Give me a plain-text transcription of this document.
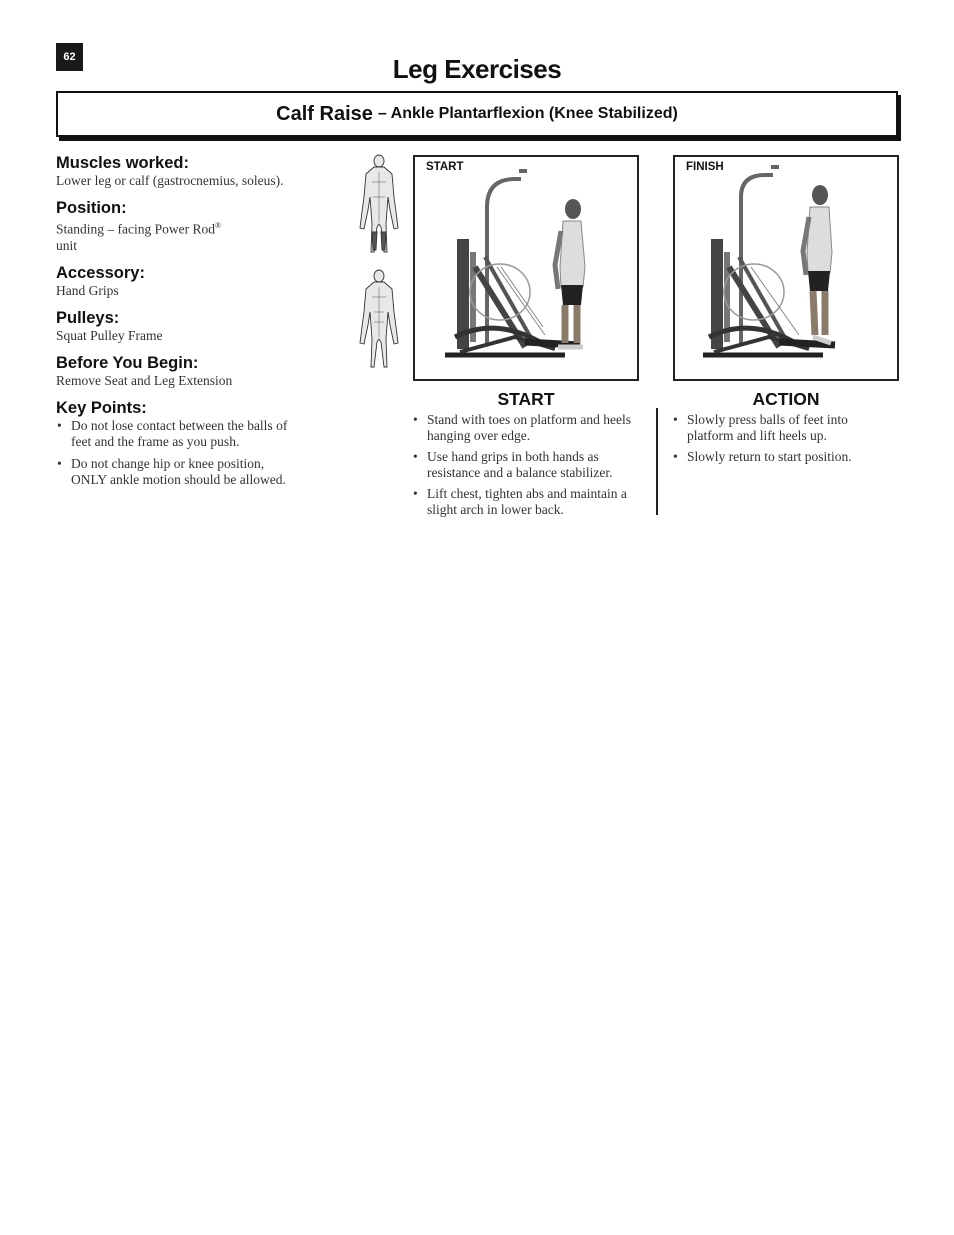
62	Leg Exercises
Calf Raise – Ankle Plantarflexion (Knee Stabilized)
Muscles worked:

Lower leg or calf (gastrocnemius, soleus).

Position:

Standing – facing Power Rod®
unit

Accessory:

Hand Grips

Pulleys:

Squat Pulley Frame

Before You Begin:

Remove Seat and Leg Extension

Key Points:
• Do not lose contact between the balls of feet and the frame as you push.
• Do not change hip or knee position, ONLY ankle motion should be allowed.
START	FINISH
START
• Stand with toes on platform and heels hanging over edge.
• Use hand grips in both hands as resistance and a balance stabilizer.
• Lift chest, tighten abs and maintain a slight arch in lower back.
ACTION
• Slowly press balls of feet into platform and lift heels up.
• Slowly return to start position.
